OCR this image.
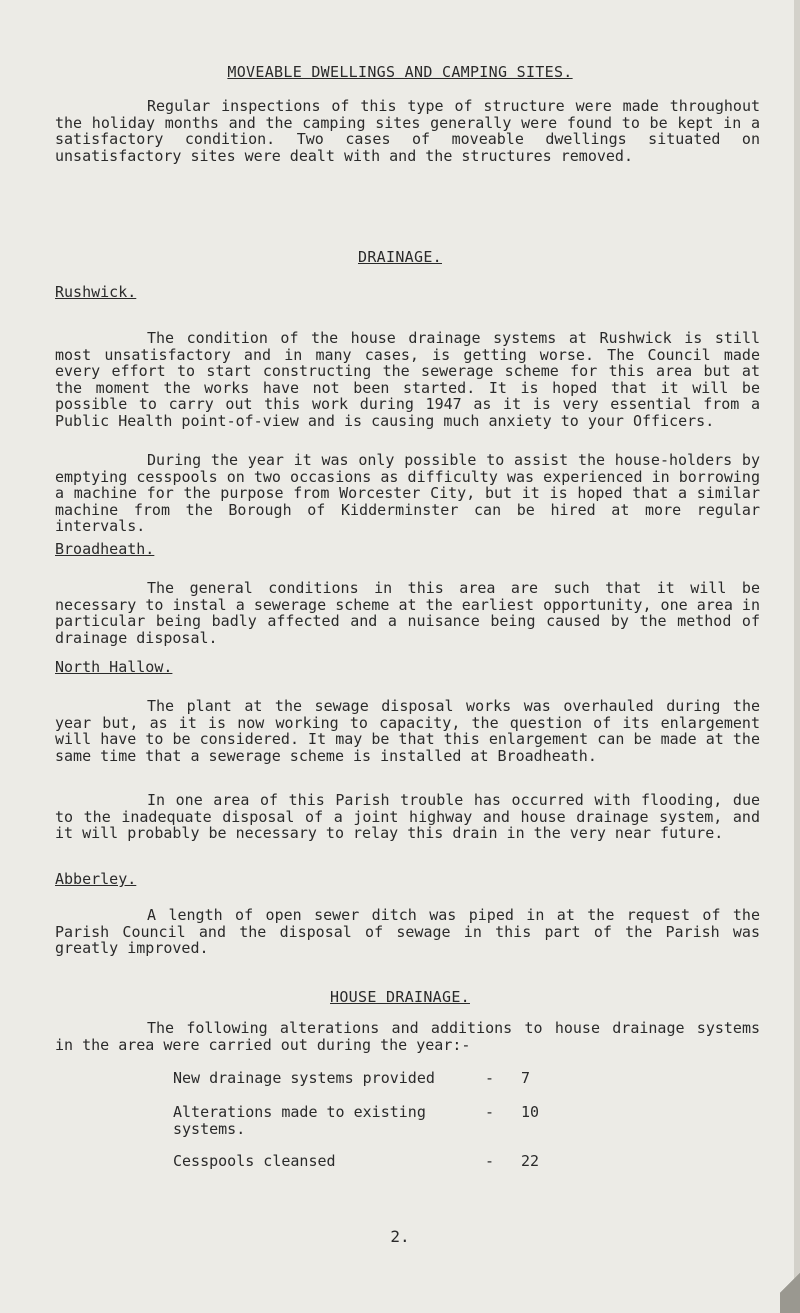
MOVEABLE DWELLINGS AND CAMPING SITES.

Regular inspections of this type of structure were made throughout the holiday months and the camping sites generally were found to be kept in a satisfactory condition. Two cases of moveable dwellings situated on unsatisfactory sites were dealt with and the structures removed.

DRAINAGE.
Rushwick.

The condition of the house drainage systems at Rushwick is still most unsatisfactory and in many cases, is getting worse. The Council made every effort to start constructing the sewerage scheme for this area but at the moment the works have not been started. It is hoped that it will be possible to carry out this work during 1947 as it is very essential from a Public Health point-of-view and is causing much anxiety to your Officers.

During the year it was only possible to assist the house-holders by emptying cesspools on two occasions as difficulty was experienced in borrowing a machine for the purpose from Worcester City, but it is hoped that a similar machine from the Borough of Kidderminster can be hired at more regular intervals.

Broadheath.

The general conditions in this area are such that it will be necessary to instal a sewerage scheme at the earliest opportunity, one area in particular being badly affected and a nuisance being caused by the method of drainage disposal.

North Hallow.

The plant at the sewage disposal works was overhauled during the year but, as it is now working to capacity, the question of its enlargement will have to be considered. It may be that this enlargement can be made at the same time that a sewerage scheme is installed at Broadheath.

In one area of this Parish trouble has occurred with flooding, due to the inadequate disposal of a joint highway and house drainage system, and it will probably be necessary to relay this drain in the very near future.

Abberley.

A length of open sewer ditch was piped in at the request of the Parish Council and the disposal of sewage in this part of the Parish was greatly improved.

HOUSE DRAINAGE.

The following alterations and additions to house drainage systems in the area were carried out during the year:-

New drainage systems provided	- 7
Alterations made to existing systems.
- 10
Cesspools cleansed	- 22
2.
